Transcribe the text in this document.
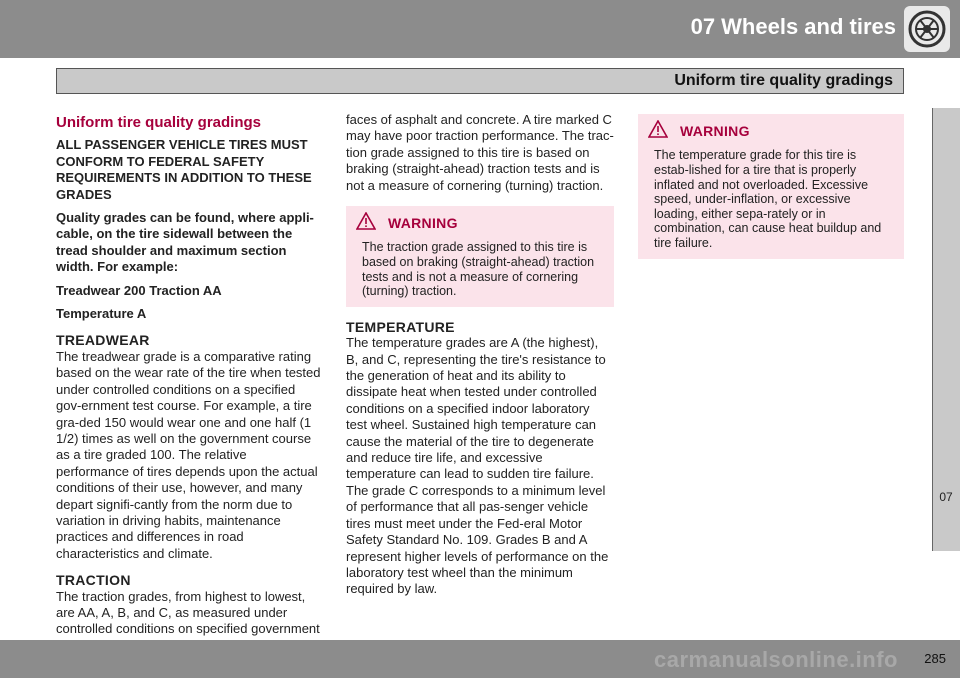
07 Wheels and tires
Uniform tire quality gradings
07
Uniform tire quality gradings

ALL PASSENGER VEHICLE TIRES MUST CONFORM TO FEDERAL SAFETY REQUIREMENTS IN ADDITION TO THESE GRADES

Quality grades can be found, where appli-cable, on the tire sidewall between the tread shoulder and maximum section width. For example:

Treadwear 200 Traction AA

Temperature A

TREADWEAR

The treadwear grade is a comparative rating based on the wear rate of the tire when tested under controlled conditions on a specified gov-ernment test course. For example, a tire gra-ded 150 would wear one and one half (1 1/2) times as well on the government course as a tire graded 100. The relative performance of tires depends upon the actual conditions of their use, however, and many depart signifi-cantly from the norm due to variation in driving habits, maintenance practices and differences in road characteristics and climate.

TRACTION

The traction grades, from highest to lowest, are AA, A, B, and C, as measured under controlled conditions on specified government

faces of asphalt and concrete. A tire marked C may have poor traction performance. The trac-tion grade assigned to this tire is based on braking (straight-ahead) traction tests and is not a measure of cornering (turning) traction.

WARNING
The traction grade assigned to this tire is based on braking (straight-ahead) traction tests and is not a measure of cornering (turning) traction.
TEMPERATURE

The temperature grades are A (the highest), B, and C, representing the tire's resistance to the generation of heat and its ability to dissipate heat when tested under controlled conditions on a specified indoor laboratory test wheel. Sustained high temperature can cause the material of the tire to degenerate and reduce tire life, and excessive temperature can lead to sudden tire failure. The grade C corresponds to a minimum level of performance that all pas-senger vehicle tires must meet under the Fed-eral Motor Safety Standard No. 109. Grades B and A represent higher levels of performance on the laboratory test wheel than the minimum required by law.

WARNING
The temperature grade for this tire is estab-lished for a tire that is properly inflated and not overloaded. Excessive speed, under-inflation, or excessive loading, either sepa-rately or in combination, can cause heat buildup and tire failure.
carmanualsonline.info 285
